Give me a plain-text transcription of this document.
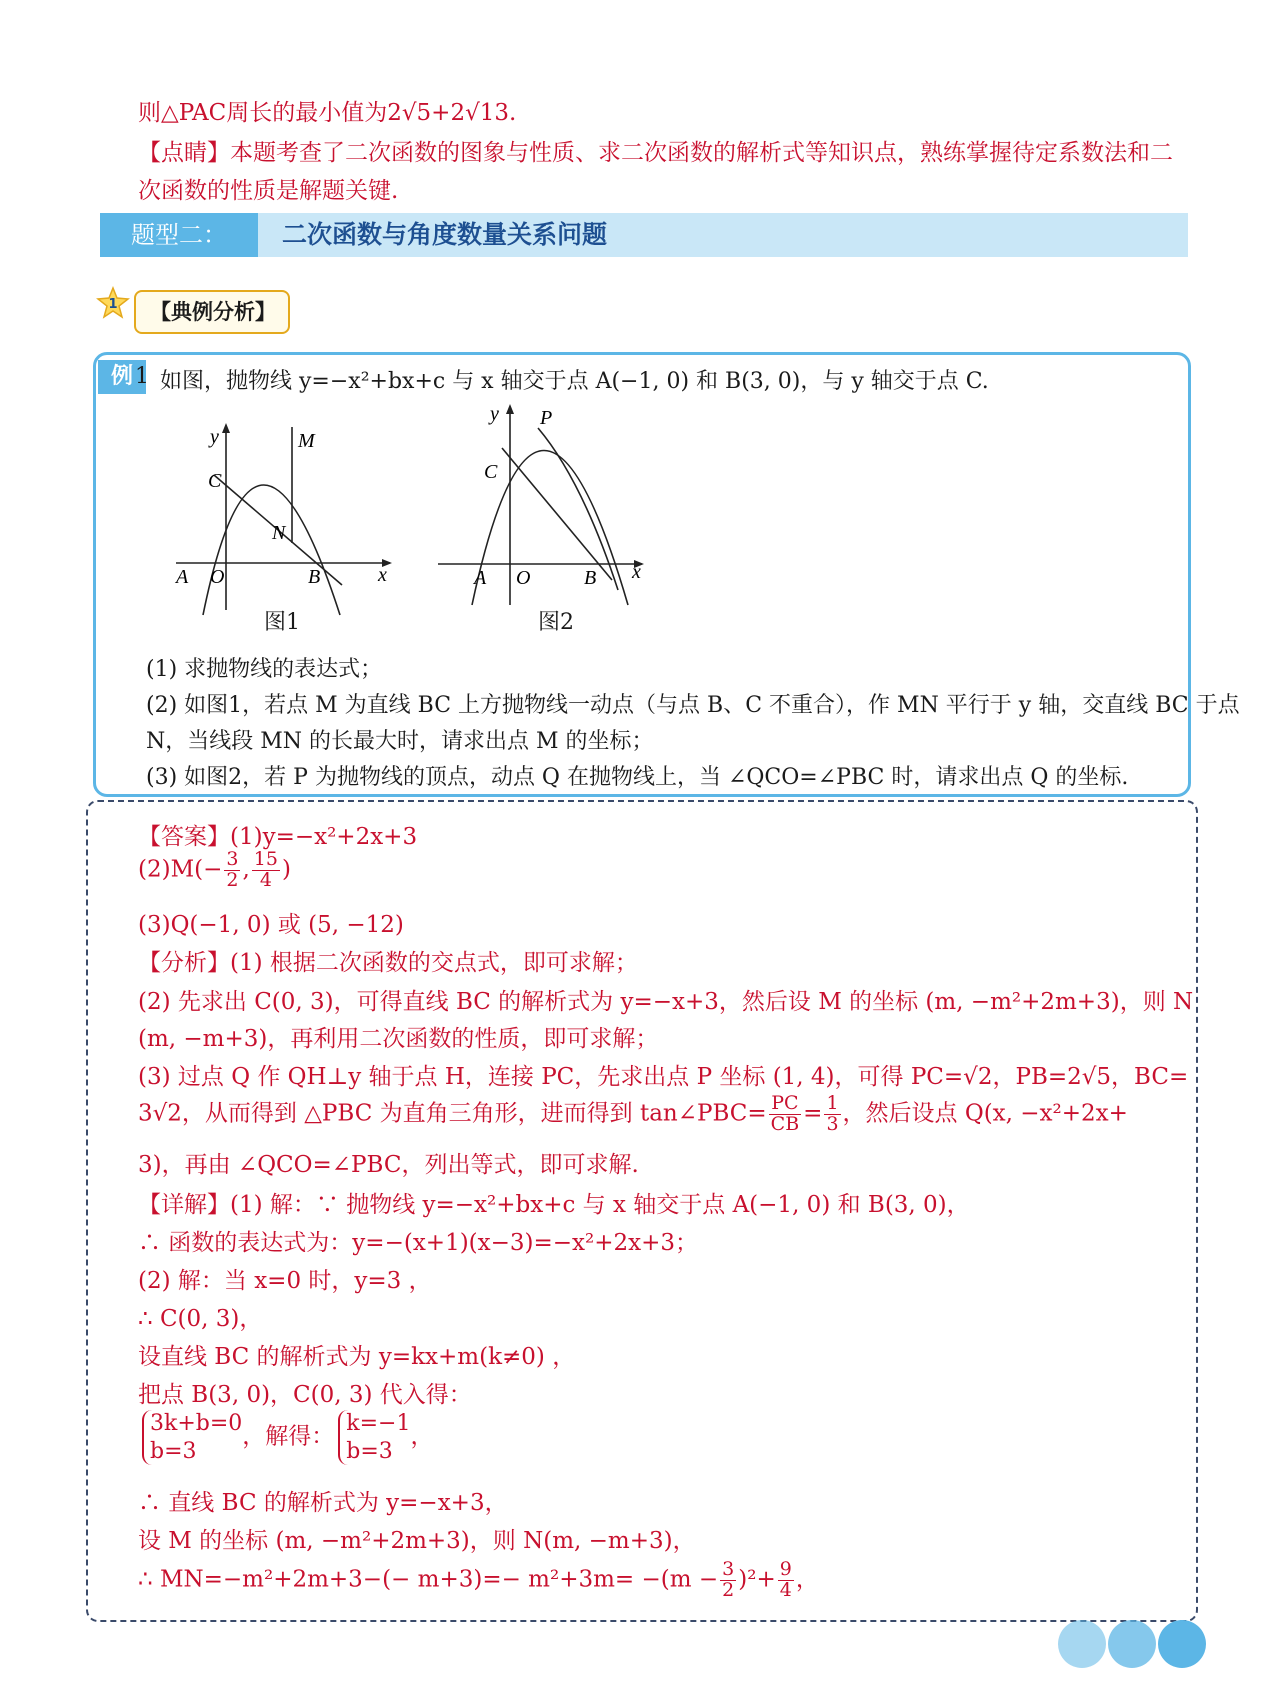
则△PAC周长的最小值为2√5+2√13.
【点睛】本题考查了二次函数的图象与性质、求二次函数的解析式等知识点，熟练掌握待定系数法和二
次函数的性质是解题关键.
题型二：	二次函数与角度数量关系问题
1	【典例分析】
例 1 如图，抛物线 y=−x²+bx+c 与 x 轴交于点 A(−1, 0) 和 B(3, 0)，与 y 轴交于点 C.
y
x
M
C
N
A O	B
图1
y
x
P
C
A O	B
图2
(1) 求抛物线的表达式；
(2) 如图1，若点 M 为直线 BC 上方抛物线一动点（与点 B、C 不重合），作 MN 平行于 y 轴，交直线 BC 于点
N，当线段 MN 的长最大时，请求出点 M 的坐标；
(3) 如图2，若 P 为抛物线的顶点，动点 Q 在抛物线上，当 ∠QCO=∠PBC 时，请求出点 Q 的坐标.
【答案】(1)y=−x²+2x+3
$(2)M(- \frac{3}{2}$ , $\frac{15}{4}$ )
(3)Q(−1, 0) 或 (5, −12)
【分析】(1) 根据二次函数的交点式，即可求解；
(2) 先求出 C(0, 3)，可得直线 BC 的解析式为 y=−x+3，然后设 M 的坐标 (m, −m²+2m+3)，则 N
(m, −m+3)，再利用二次函数的性质，即可求解；
(3) 过点 Q 作 QH⊥y 轴于点 H，连接 PC，先求出点 P 坐标 (1, 4)，可得 PC=√2，PB=2√5，BC=
3√2，从而得到 △PBC 为直角三角形，进而得到 tan∠PBC= $\frac{PC}{CB} = \frac{1}{3}$ ，然后设点 Q(x, −x²+2x+
3)，再由 ∠QCO=∠PBC，列出等式，即可求解.
【详解】(1) 解：∵ 抛物线 y=−x²+bx+c 与 x 轴交于点 A(−1, 0) 和 B(3, 0)，
∴ 函数的表达式为：y=−(x+1)(x−3)=−x²+2x+3；
(2) 解：当 x=0 时，y=3 ，
∴ C(0, 3)，
设直线 BC 的解析式为 y=kx+m(k≠0) ，
把点 B(3, 0)，C(0, 3) 代入得：
3k+b=0
b=3，解得： k=−1
b=3，
∴ 直线 BC 的解析式为 y=−x+3，
设 M 的坐标 (m, −m²+2m+3)，则 N(m, −m+3)，
∴ $MN=-m^2+2m+3-(- m+3)=- m^2+3m= -(m - \frac{3}{2} )^2+ \frac{9}{4}$ ，
